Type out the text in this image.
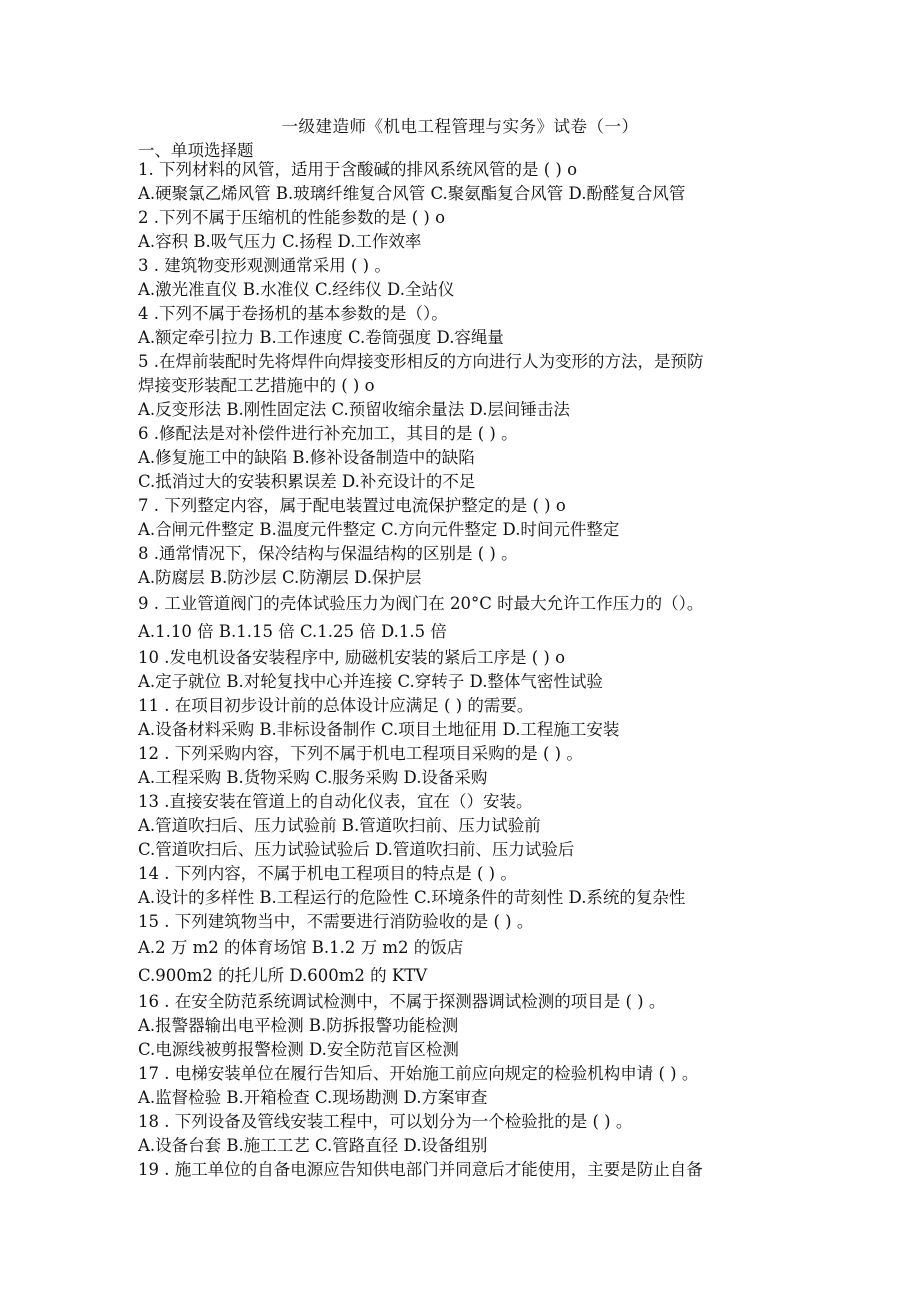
一级建造师《机电工程管理与实务》试卷（一）
一、单项选择题
1. 下列材料的风管，适用于含酸碱的排风系统风管的是 ( ) o
A.硬聚氯乙烯风管 B.玻璃纤维复合风管 C.聚氨酯复合风管 D.酚醛复合风管
2 .下列不属于压缩机的性能参数的是 ( ) o
A.容积 B.吸气压力 C.扬程 D.工作效率
3 . 建筑物变形观测通常采用 ( ) 。
A.激光准直仪 B.水准仪 C.经纬仪 D.全站仪
4 .下列不属于卷扬机的基本参数的是（）。
A.额定牵引拉力 B.工作速度 C.卷筒强度 D.容绳量
5 .在焊前装配时先将焊件向焊接变形相反的方向进行人为变形的方法，是预防
焊接变形装配工艺措施中的 ( ) o
A.反变形法 B.刚性固定法 C.预留收缩余量法 D.层间锤击法
6 .修配法是对补偿件进行补充加工，其目的是 ( ) 。
A.修复施工中的缺陷 B.修补设备制造中的缺陷
C.抵消过大的安装积累误差 D.补充设计的不足
7 . 下列整定内容，属于配电装置过电流保护整定的是 ( ) o
A.合闸元件整定 B.温度元件整定 C.方向元件整定 D.时间元件整定
8 .通常情况下，保冷结构与保温结构的区别是 ( ) 。
A.防腐层 B.防沙层 C.防潮层 D.保护层
9 . 工业管道阀门的壳体试验压力为阀门在 20°C 时最大允许工作压力的（）。
A.1.10 倍 B.1.15 倍 C.1.25 倍 D.1.5 倍
10 .发电机设备安装程序中, 励磁机安装的紧后工序是 ( ) o
A.定子就位 B.对轮复找中心并连接 C.穿转子 D.整体气密性试验
11 . 在项目初步设计前的总体设计应满足 ( ) 的需要。
A.设备材料采购 B.非标设备制作 C.项目土地征用 D.工程施工安装
12 . 下列采购内容，下列不属于机电工程项目采购的是 ( ) 。
A.工程采购 B.货物采购 C.服务采购 D.设备采购
13 .直接安装在管道上的自动化仪表，宜在（）安装。
A.管道吹扫后、压力试验前 B.管道吹扫前、压力试验前
C.管道吹扫后、压力试验试验后 D.管道吹扫前、压力试验后
14 . 下列内容，不属于机电工程项目的特点是 ( ) 。
A.设计的多样性 B.工程运行的危险性 C.环境条件的苛刻性 D.系统的复杂性
15 . 下列建筑物当中，不需要进行消防验收的是 ( ) 。
A.2 万 m2 的体育场馆 B.1.2 万 m2 的饭店
C.900m2 的托儿所 D.600m2 的 KTV
16 . 在安全防范系统调试检测中，不属于探测器调试检测的项目是 ( ) 。
A.报警器输出电平检测 B.防拆报警功能检测
C.电源线被剪报警检测 D.安全防范盲区检测
17 . 电梯安装单位在履行告知后、开始施工前应向规定的检验机构申请 ( ) 。
A.监督检验 B.开箱检查 C.现场勘测 D.方案审查
18 . 下列设备及管线安装工程中，可以划分为一个检验批的是 ( ) 。
A.设备台套 B.施工工艺 C.管路直径 D.设备组别
19 . 施工单位的自备电源应告知供电部门并同意后才能使用，主要是防止自备
